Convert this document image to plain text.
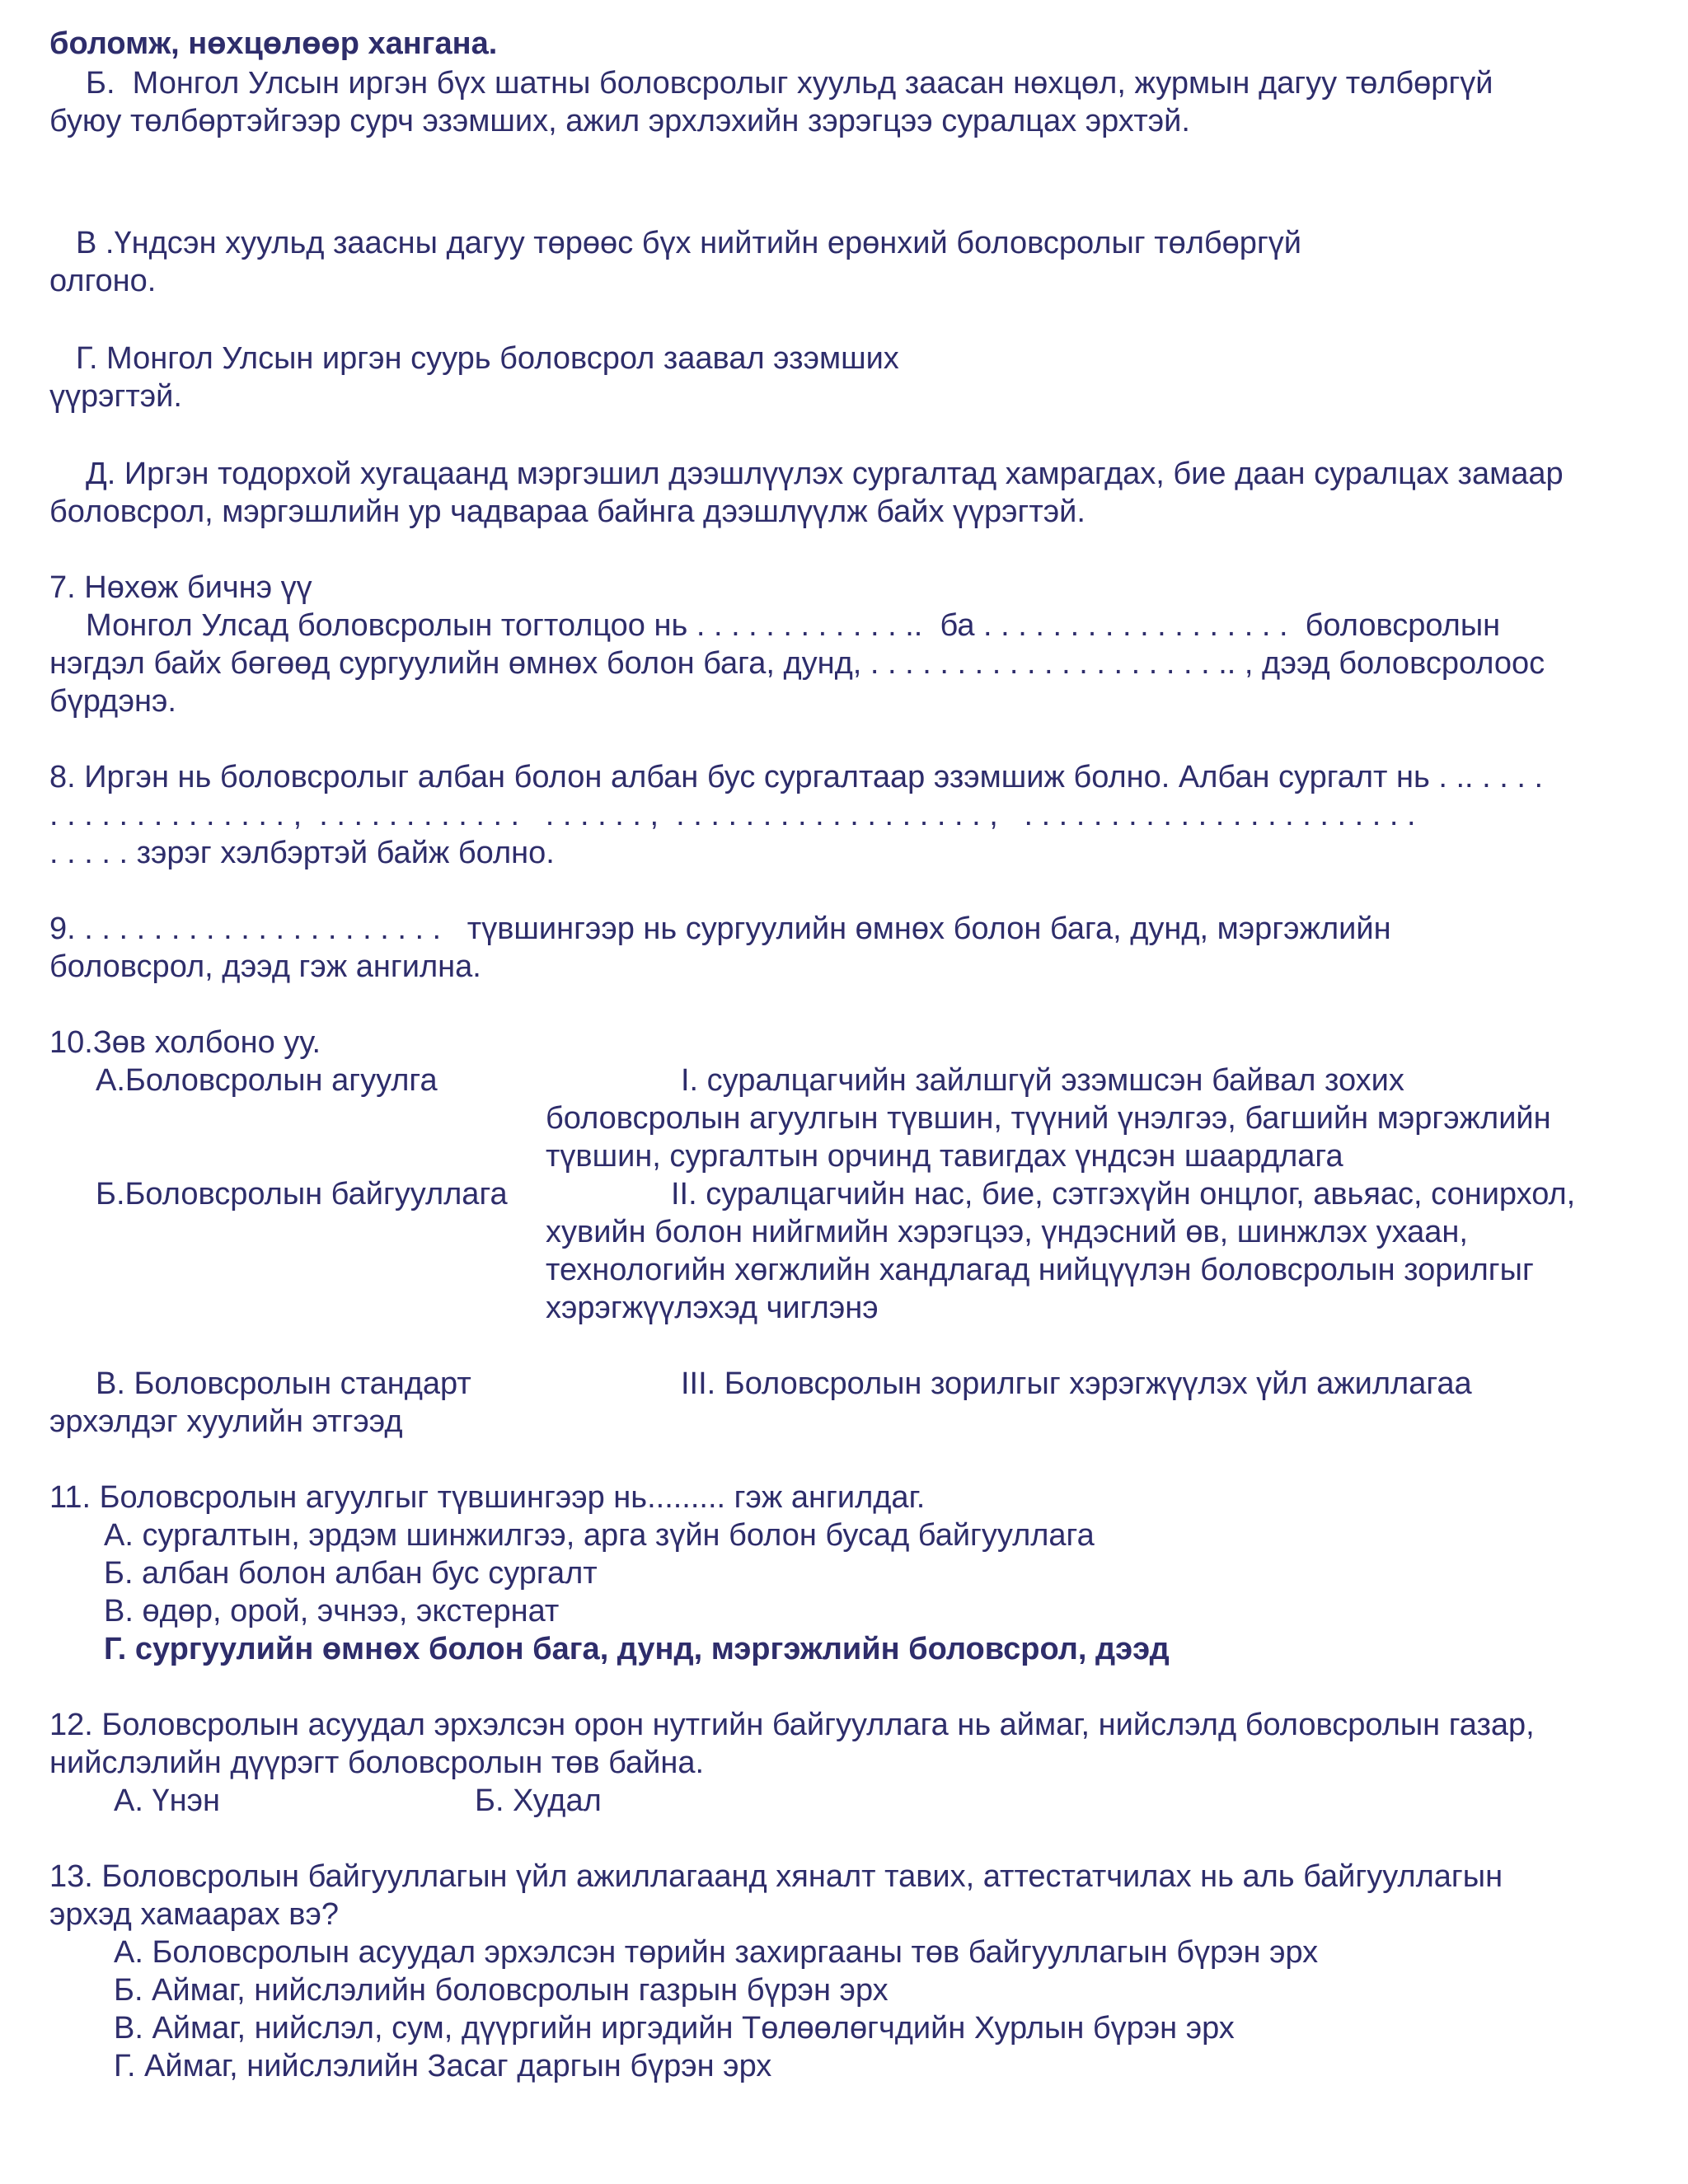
боломж, нөхцөлөөр хангана.
Б.  Монгол Улсын иргэн бүх шатны боловсролыг хуульд заасан нөхцөл, журмын дагуу төлбөргүй
буюу төлбөртэйгээр сурч эзэмших, ажил эрхлэхийн зэрэгцээ суралцах эрхтэй.
В .Үндсэн хуульд заасны дагуу төрөөс бүх нийтийн ерөнхий боловсролыг төлбөргүй
олгоно.
Г. Монгол Улсын иргэн суурь боловсрол заавал эзэмших
үүрэгтэй.
Д. Иргэн тодорхой хугацаанд мэргэшил дээшлүүлэх сургалтад хамрагдах, бие даан суралцах замаар
боловсрол, мэргэшлийн ур чадвараа байнга дээшлүүлж байх үүрэгтэй.
7. Нөхөж бичнэ үү
Монгол Улсад боловсролын тогтолцоо нь . . . . . . . . . . . . ..  ба . . . . . . . . . . . . . . . . . .  боловсролын
нэгдэл байх бөгөөд сургуулийн өмнөх болон бага, дунд, . . . . . . . . . . . . . . . . . . . . .. , дээд боловсролоос
бүрдэнэ.
8. Иргэн нь боловсролыг албан болон албан бус сургалтаар эзэмшиж болно. Албан сургалт нь . .. . . . .
. . . . . . . . . . . . . . ,  . . . . . . . . . . . .   . . . . . . ,  . . . . . . . . . . . . . . . . . . ,   . . . . . . . . . . . . . . . . . . . . . . .
. . . . . зэрэг хэлбэртэй байж болно.
9. . . . . . . . . . . . . . . . . . . . . .   түвшингээр нь сургуулийн өмнөх болон бага, дунд, мэргэжлийн
боловсрол, дээд гэж ангилна.
10.Зөв холбоно уу.
А.Боловсролын агуулга	I. суралцагчийн зайлшгүй эзэмшсэн байвал зохих
боловсролын агуулгын түвшин, түүний үнэлгээ, багшийн мэргэжлийн
түвшин, сургалтын орчинд тавигдах үндсэн шаардлага
Б.Боловсролын байгууллага	II. суралцагчийн нас, бие, сэтгэхүйн онцлог, авьяас, сонирхол,
хувийн болон нийгмийн хэрэгцээ, үндэсний өв, шинжлэх ухаан,
технологийн хөгжлийн хандлагад нийцүүлэн боловсролын зорилгыг
хэрэгжүүлэхэд чиглэнэ
В. Боловсролын стандарт	III. Боловсролын зорилгыг хэрэгжүүлэх үйл ажиллагаа
эрхэлдэг хуулийн этгээд
11. Боловсролын агуулгыг түвшингээр нь......... гэж ангилдаг.
А. сургалтын, эрдэм шинжилгээ, арга зүйн болон бусад байгууллага
Б. албан болон албан бус сургалт
В. өдөр, орой, эчнээ, экстернат
Г. сургуулийн өмнөх болон бага, дунд, мэргэжлийн боловсрол, дээд
12. Боловсролын асуудал эрхэлсэн орон нутгийн байгууллага нь аймаг, нийслэлд боловсролын газар,
нийслэлийн дүүрэгт боловсролын төв байна.
А. Үнэн	Б. Худал
13. Боловсролын байгууллагын үйл ажиллагаанд хяналт тавих, аттестатчилах нь аль байгууллагын
эрхэд хамаарах вэ?
А. Боловсролын асуудал эрхэлсэн төрийн захиргааны төв байгууллагын бүрэн эрх
Б. Аймаг, нийслэлийн боловсролын газрын бүрэн эрх
В. Аймаг, нийслэл, сум, дүүргийн иргэдийн Төлөөлөгчдийн Хурлын бүрэн эрх
Г. Аймаг, нийслэлийн Засаг даргын бүрэн эрх
